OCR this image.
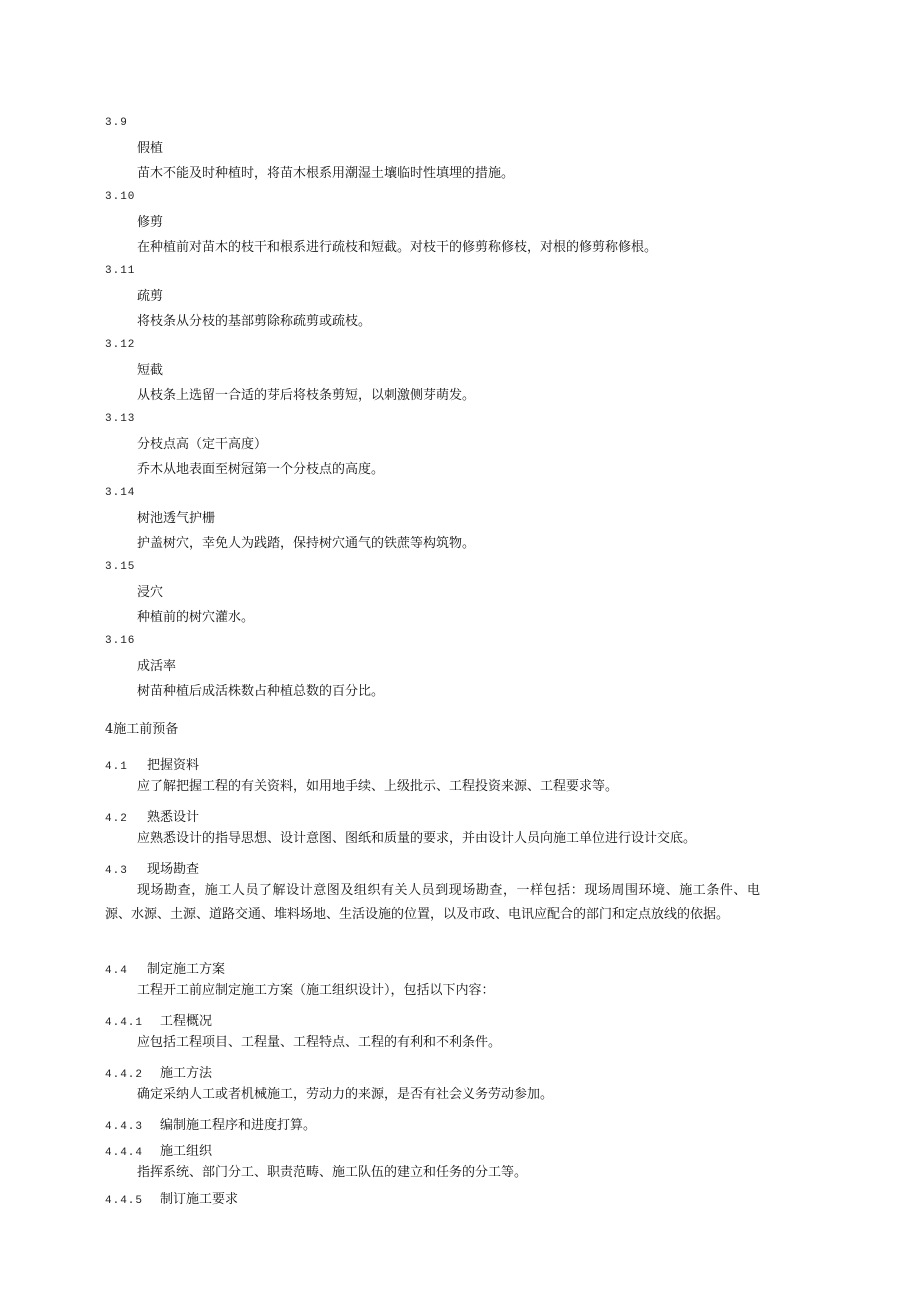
3.9
假植
苗木不能及时种植时，将苗木根系用潮湿土壤临时性填埋的措施。
3.10
修剪
在种植前对苗木的枝干和根系进行疏枝和短截。对枝干的修剪称修枝，对根的修剪称修根。
3.11
疏剪
将枝条从分枝的基部剪除称疏剪或疏枝。
3.12
短截
从枝条上选留一合适的芽后将枝条剪短，以刺激侧芽萌发。
3.13
分枝点高（定干高度）
乔木从地表面至树冠第一个分枝点的高度。
3.14
树池透气护栅
护盖树穴，幸免人为践踏，保持树穴通气的铁蔗等构筑物。
3.15
浸穴
种植前的树穴灌水。
3.16
成活率
树苗种植后成活株数占种植总数的百分比。
4施工前预备
4.1 把握资料
应了解把握工程的有关资料，如用地手续、上级批示、工程投资来源、工程要求等。
4.2 熟悉设计
应熟悉设计的指导思想、设计意图、图纸和质量的要求，并由设计人员向施工单位进行设计交底。
4.3 现场勘查
现场勘查，施工人员了解设计意图及组织有关人员到现场勘查，一样包括：现场周围环境、施工条件、电源、水源、土源、道路交通、堆料场地、生活设施的位置，以及市政、电讯应配合的部门和定点放线的依据。
4.4 制定施工方案
工程开工前应制定施工方案（施工组织设计），包括以下内容：
4.4.1 工程概况
应包括工程项目、工程量、工程特点、工程的有利和不利条件。
4.4.2 施工方法
确定采纳人工或者机械施工，劳动力的来源，是否有社会义务劳动参加。
4.4.3 编制施工程序和进度打算。
4.4.4 施工组织
指挥系统、部门分工、职责范畴、施工队伍的建立和任务的分工等。
4.4.5 制订施工要求
